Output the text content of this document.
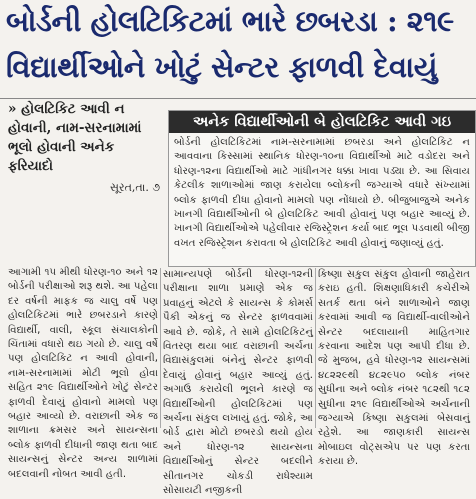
બોર્ડની હોલટિકિટમાં ભારે છબરડા : ૨૧૯
વિદ્યાર્થીઓને ખોટું સેન્ટર ફાળવી દેવાયું
» હોલટિકિટ આવી ન હોવાની, નામ-સરનામામાં ભૂલો હોવાની અનેક ફરિયાદો
સૂરત,તા. ૭
અનેક વિદ્યાર્થીઓની બે હોલટિકિટ આવી ગઇ
બોર્ડની હોલટિકિટમાં નામ-સરનામામાં છબરડા અને હોલટિકિટ ન આવવાના કિસ્સામાં સ્થાનિક ધોરણ-૧૦ના વિદ્યાર્થીઓ માટે વડોદરા અને ધોરણ-૧૨ના વિદ્યાર્થીઓ માટે ગાંધીનગર ધક્કા ખાવા પડ્યા છે. આ સિવાય કેટલીક શાળાઓમાં જાણ કરાયેલા બ્લોકની જગ્યાએ વધારે સંખ્યામાં બ્લોક ફાળવી દીધા હોવાનો મામલો પણ નોંધાયો છે. બીજુબાજુએ અનેક ખાનગી વિદ્યાર્થીઓની બે હોલટિકિટ આવી હોવાનું પણ બહાર આવ્યું છે. ખાનગી વિદ્યાર્થીઓએ પહેલીવાર રજિસ્ટ્રેશન કર્યા બાદ ભૂલ પડવાથી બીજી વખત રજિસ્ટ્રેશન કરાવતા બે હોલટિકિટ આવી હોવાનું જણાવ્યું હતું.
આગામી ૧૫ મીથી ધોરણ-૧૦ અને ૧૨ બોર્ડની પરીક્ષાઓ શરૂ થશે. આ પહેલા દર વર્ષની માફક જ ચાલુ વર્ષે પણ હોલટિકિટમાં ભારે છબરડાને કારણે વિદ્યાર્થી, વાલી, સ્કૂલ સંચાલકોની ચિંતામાં વધારો થઇ ગયો છે. ચાલુ વર્ષે પણ હોલટિકિટ ન આવી હોવાની, નામ-સરનામામાં મોટી ભૂલો હોવા સહિત ૨૧૯ વિદ્યાર્થીઓને ખોટું સેન્ટર ફાળવી દેવાયું હોવાનો મામલો પણ બહાર આવ્યો છે. વરાછાની એક જ શાળાના ક્રમસર અને સાયન્સના બ્લોક ફાળવી દીધાની જાણ થતા બાદ સાયન્સનું સેન્ટર અન્ય શાળામાં બદલવાની નોબત આવી હતી.
સામાન્યપણે બોર્ડની ધોરણ-૧૨ની પરીક્ષાના શાળા પ્રમાણે એક જ પ્રવાહનું એટલે કે સાયન્સ કે કોમર્સ પૈકી એકનું જ સેન્ટર ફાળવવામાં આવે છે. જોકે, તે સામે હોલટિકિટનું વિતરણ થયા બાદ વરાછાની અર્ચના વિદ્યાસંકુલમાં બંનેનું સેન્ટર ફાળવી દેવાયું હોવાનું બહાર આવ્યું હતું. અગાઉ કરાયેલી ભૂલને કારણે જ વિદ્યાર્થીઓની હોલટિકિટમાં પણ અર્ચના સંકુલ લખાયું હતું. જોકે, આ બોર્ડ દ્વારા મોટો છબરડો થયો હોય અને ધોરણ-૧૨ સાયન્સના વિદ્યાર્થીઓનું સેન્ટર બદલીને સીતાનગર ચોકડી રાધેશ્યામ સોસાયટી નજીકની
કિષ્ણા સકુલ સંકુલ હોવાની જાહેરાત કરાઇ હતી. શિક્ષણાધિકારી કચેરીએ સતર્ક થતા બંને શાળાઓને જાણ કરવામાં આવી જ વિદ્યાર્થી-વાલીઓને સેન્ટર બદલાયાની માહિતગાર કરવાના આદેશ પણ આપી દીધા છે. જે મુજબ, હવે ધોરણ-૧૨ સાયન્સમાં ૪૮૨૨૯થી ૪૮૨૯૫૦ બ્લોક નંબર સુધીના અને બ્લોક નંબર ૧૮૨થી ૧૮૨ સુધીના ૨૧૯ વિદ્યાર્થીઓએ અર્ચનાની જગ્યાએ કિષ્ણા સકુલમાં બેસવાનું રહેશે. આ જાણકારી સાયન્સ મોબાઇલ વોટ્સએપ પર પણ કરતા કરાયા છે.
